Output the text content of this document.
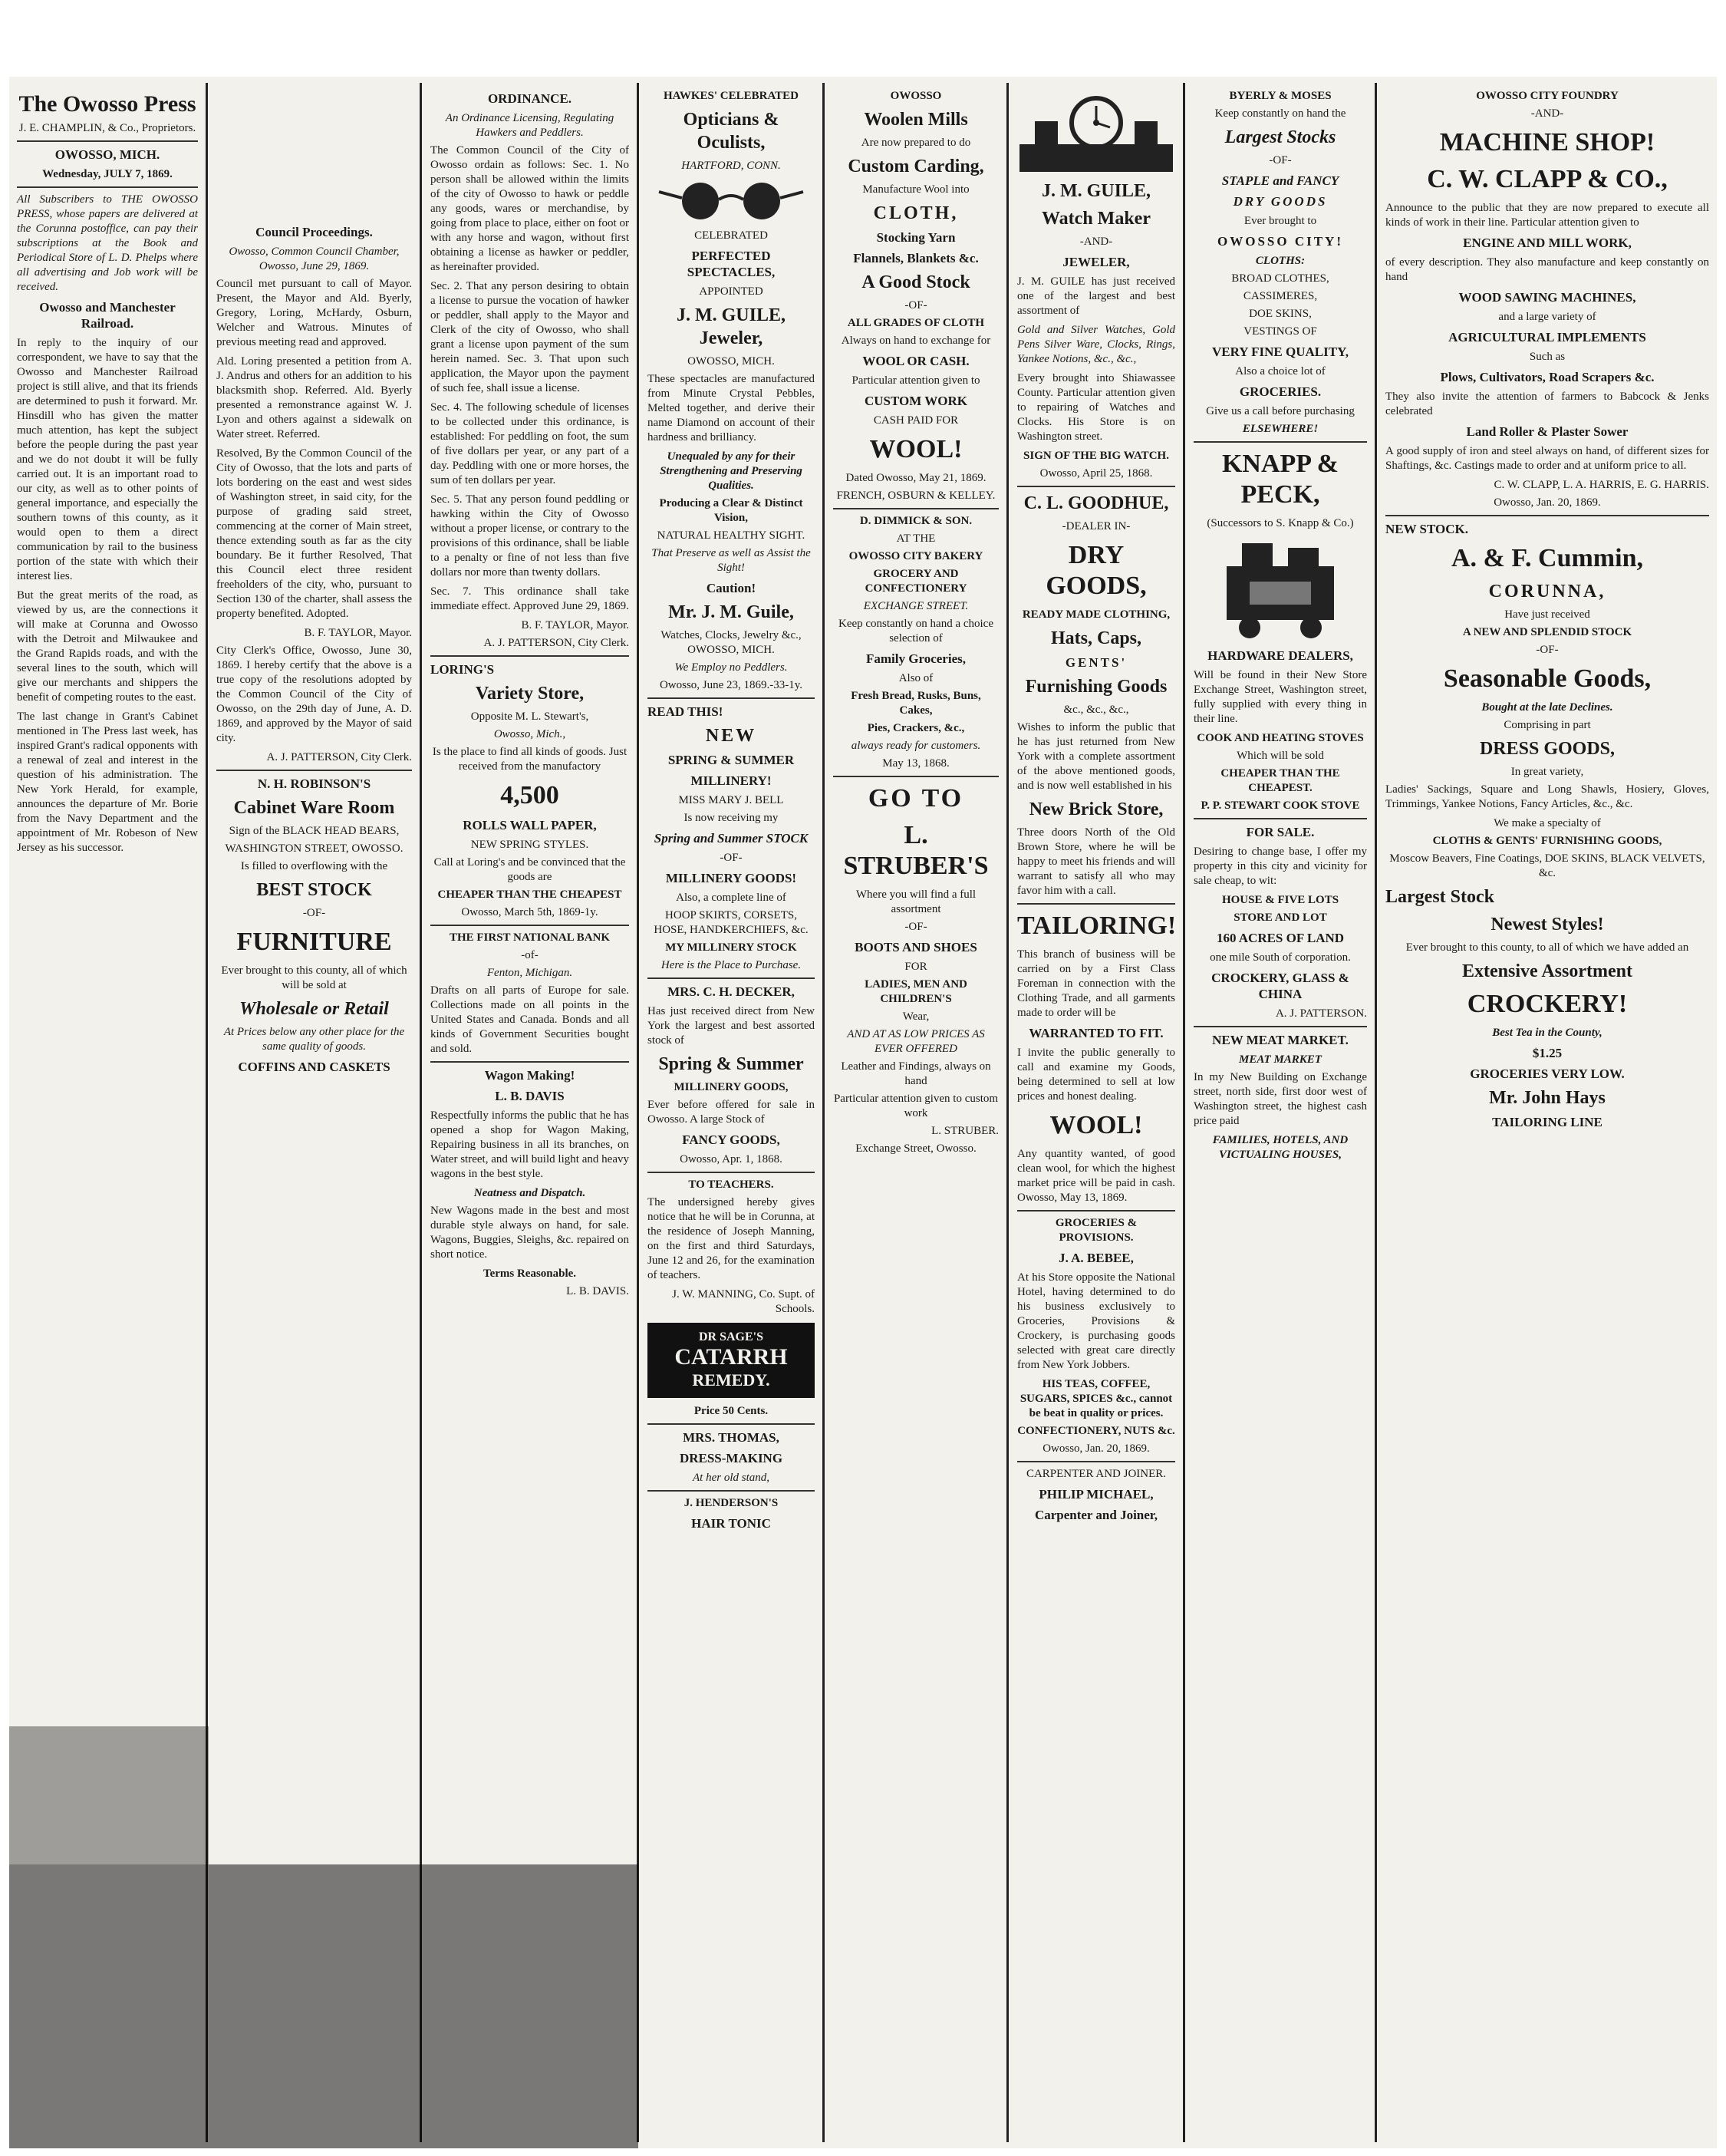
The Owosso Press
J. E. CHAMPLIN, & Co., Proprietors.
OWOSSO, MICH.
Wednesday, JULY 7, 1869.

All Subscribers to THE OWOSSO PRESS, whose papers are delivered at the Corunna postoffice, can pay their subscriptions at the Book and Periodical Store of L. D. Phelps where all advertising and Job work will be received.

Owosso and Manchester Railroad.

In reply to the inquiry of our correspondent, we have to say that the Owosso and Manchester Railroad project is still alive, and that its friends are determined to push it forward. Mr. Hinsdill who has given the matter much attention, has kept the subject before the people during the past year and we do not doubt it will be fully carried out. It is an important road to our city, as well as to other points of general importance, and especially the southern towns of this county, as it would open to them a direct communication by rail to the business portion of the state with which their interest lies.

But the great merits of the road, as viewed by us, are the connections it will make at Corunna and Owosso with the Detroit and Milwaukee and the Grand Rapids roads, and with the several lines to the south, which will give our merchants and shippers the benefit of competing routes to the east.

The last change in Grant's Cabinet mentioned in The Press last week, has inspired Grant's radical opponents with a renewal of zeal and interest in the question of his administration. The New York Herald, for example, announces the departure of Mr. Borie from the Navy Department and the appointment of Mr. Robeson of New Jersey as his successor.

Council Proceedings.
Owosso, Common Council Chamber, Owosso, June 29, 1869.

Council met pursuant to call of Mayor. Present, the Mayor and Ald. Byerly, Gregory, Loring, McHardy, Osburn, Welcher and Watrous. Minutes of previous meeting read and approved.

Ald. Loring presented a petition from A. J. Andrus and others for an addition to his blacksmith shop. Referred. Ald. Byerly presented a remonstrance against W. J. Lyon and others against a sidewalk on Water street. Referred.

Resolved, By the Common Council of the City of Owosso, that the lots and parts of lots bordering on the east and west sides of Washington street, in said city, for the purpose of grading said street, commencing at the corner of Main street, thence extending south as far as the city boundary. Be it further Resolved, That this Council elect three resident freeholders of the city, who, pursuant to Section 130 of the charter, shall assess the property benefited. Adopted.

B. F. TAYLOR, Mayor.

City Clerk's Office, Owosso, June 30, 1869. I hereby certify that the above is a true copy of the resolutions adopted by the Common Council of the City of Owosso, on the 29th day of June, A. D. 1869, and approved by the Mayor of said city.

A. J. PATTERSON, City Clerk.
N. H. ROBINSON'S
Cabinet Ware Room
Sign of the BLACK HEAD BEARS,
WASHINGTON STREET, OWOSSO.
Is filled to overflowing with the
BEST STOCK
-OF-
FURNITURE
Ever brought to this county, all of which will be sold at
Wholesale or Retail
At Prices below any other place for the same quality of goods.
COFFINS AND CASKETS
ORDINANCE.
An Ordinance Licensing, Regulating Hawkers and Peddlers.

The Common Council of the City of Owosso ordain as follows: Sec. 1. No person shall be allowed within the limits of the city of Owosso to hawk or peddle any goods, wares or merchandise, by going from place to place, either on foot or with any horse and wagon, without first obtaining a license as hawker or peddler, as hereinafter provided.

Sec. 2. That any person desiring to obtain a license to pursue the vocation of hawker or peddler, shall apply to the Mayor and Clerk of the city of Owosso, who shall grant a license upon payment of the sum herein named. Sec. 3. That upon such application, the Mayor upon the payment of such fee, shall issue a license.

Sec. 4. The following schedule of licenses to be collected under this ordinance, is established: For peddling on foot, the sum of five dollars per year, or any part of a day. Peddling with one or more horses, the sum of ten dollars per year.

Sec. 5. That any person found peddling or hawking within the City of Owosso without a proper license, or contrary to the provisions of this ordinance, shall be liable to a penalty or fine of not less than five dollars nor more than twenty dollars.

Sec. 7. This ordinance shall take immediate effect. Approved June 29, 1869.

B. F. TAYLOR, Mayor.
A. J. PATTERSON, City Clerk.
LORING'S
Variety Store,
Opposite M. L. Stewart's,
Owosso, Mich.,
Is the place to find all kinds of goods. Just received from the manufactory
4,500
ROLLS WALL PAPER,
NEW SPRING STYLES.
Call at Loring's and be convinced that the goods are
CHEAPER THAN THE CHEAPEST
Owosso, March 5th, 1869-1y.
THE FIRST NATIONAL BANK
-of-
Fenton, Michigan.

Drafts on all parts of Europe for sale. Collections made on all points in the United States and Canada. Bonds and all kinds of Government Securities bought and sold.

Wagon Making!
L. B. DAVIS

Respectfully informs the public that he has opened a shop for Wagon Making, Repairing business in all its branches, on Water street, and will build light and heavy wagons in the best style.

Neatness and Dispatch.

New Wagons made in the best and most durable style always on hand, for sale. Wagons, Buggies, Sleighs, &c. repaired on short notice.

Terms Reasonable.
L. B. DAVIS.
HAWKES' CELEBRATED
Opticians & Oculists,
HARTFORD, CONN.
CELEBRATED
PERFECTED SPECTACLES,
APPOINTED
J. M. GUILE, Jeweler,
OWOSSO, MICH.

These spectacles are manufactured from Minute Crystal Pebbles, Melted together, and derive their name Diamond on account of their hardness and brilliancy.

Unequaled by any for their Strengthening and Preserving Qualities.
Producing a Clear & Distinct Vision,
NATURAL HEALTHY SIGHT.
That Preserve as well as Assist the Sight!
Caution!
Mr. J. M. Guile,
Watches, Clocks, Jewelry &c., OWOSSO, MICH.
We Employ no Peddlers.
Owosso, June 23, 1869.-33-1y.
READ THIS!
NEW
SPRING & SUMMER
MILLINERY!
MISS MARY J. BELL
Is now receiving my
Spring and Summer STOCK
-OF-
MILLINERY GOODS!
Also, a complete line of
HOOP SKIRTS, CORSETS, HOSE, HANDKERCHIEFS, &c.
MY MILLINERY STOCK
Here is the Place to Purchase.
MRS. C. H. DECKER,

Has just received direct from New York the largest and best assorted stock of

Spring & Summer
MILLINERY GOODS,

Ever before offered for sale in Owosso. A large Stock of

FANCY GOODS,
Owosso, Apr. 1, 1868.
TO TEACHERS.

The undersigned hereby gives notice that he will be in Corunna, at the residence of Joseph Manning, on the first and third Saturdays, June 12 and 26, for the examination of teachers.

J. W. MANNING, Co. Supt. of Schools.
DR SAGE'S
CATARRH
REMEDY.
Price 50 Cents.
MRS. THOMAS,
DRESS-MAKING
At her old stand,
J. HENDERSON'S
HAIR TONIC
OWOSSO
Woolen Mills
Are now prepared to do
Custom Carding,
Manufacture Wool into
CLOTH,
Stocking Yarn
Flannels, Blankets &c.
A Good Stock
-OF-
ALL GRADES OF CLOTH
Always on hand to exchange for
WOOL OR CASH.
Particular attention given to
CUSTOM WORK
CASH PAID FOR
WOOL!
Dated Owosso, May 21, 1869.
FRENCH, OSBURN & KELLEY.
D. DIMMICK & SON.
AT THE
OWOSSO CITY BAKERY
GROCERY AND CONFECTIONERY
EXCHANGE STREET.
Keep constantly on hand a choice selection of
Family Groceries,
Also of
Fresh Bread, Rusks, Buns, Cakes,
Pies, Crackers, &c.,
always ready for customers.
May 13, 1868.
GO TO
L. STRUBER'S
Where you will find a full assortment
-OF-
BOOTS AND SHOES
FOR
LADIES, MEN AND CHILDREN'S
Wear,
AND AT AS LOW PRICES AS EVER OFFERED
Leather and Findings, always on hand
Particular attention given to custom work
L. STRUBER.
Exchange Street, Owosso.
J. M. GUILE,
Watch Maker
-AND-
JEWELER,

J. M. GUILE has just received one of the largest and best assortment of

Gold and Silver Watches, Gold Pens Silver Ware, Clocks, Rings, Yankee Notions, &c., &c.,

Every brought into Shiawassee County. Particular attention given to repairing of Watches and Clocks. His Store is on Washington street.

SIGN OF THE BIG WATCH.
Owosso, April 25, 1868.
C. L. GOODHUE,
-DEALER IN-
DRY GOODS,
READY MADE CLOTHING,
Hats, Caps,
GENTS'
Furnishing Goods
&c., &c., &c.,

Wishes to inform the public that he has just returned from New York with a complete assortment of the above mentioned goods, and is now well established in his

New Brick Store,

Three doors North of the Old Brown Store, where he will be happy to meet his friends and will warrant to satisfy all who may favor him with a call.

TAILORING!

This branch of business will be carried on by a First Class Foreman in connection with the Clothing Trade, and all garments made to order will be

WARRANTED TO FIT.

I invite the public generally to call and examine my Goods, being determined to sell at low prices and honest dealing.

WOOL!

Any quantity wanted, of good clean wool, for which the highest market price will be paid in cash. Owosso, May 13, 1869.

GROCERIES & PROVISIONS.
J. A. BEBEE,

At his Store opposite the National Hotel, having determined to do his business exclusively to Groceries, Provisions & Crockery, is purchasing goods selected with great care directly from New York Jobbers.

HIS TEAS, COFFEE, SUGARS, SPICES &c., cannot be beat in quality or prices.
CONFECTIONERY, NUTS &c.
Owosso, Jan. 20, 1869.
CARPENTER AND JOINER.
PHILIP MICHAEL,
Carpenter and Joiner,
BYERLY & MOSES
Keep constantly on hand the
Largest Stocks
-OF-
STAPLE and FANCY
DRY GOODS
Ever brought to
OWOSSO CITY!
CLOTHS:
BROAD CLOTHES,
CASSIMERES,
DOE SKINS,
VESTINGS OF
VERY FINE QUALITY,
Also a choice lot of
GROCERIES.
Give us a call before purchasing
ELSEWHERE!
KNAPP & PECK,
(Successors to S. Knapp & Co.)
HARDWARE DEALERS,

Will be found in their New Store Exchange Street, Washington street, fully supplied with every thing in their line.

COOK AND HEATING STOVES
Which will be sold
CHEAPER THAN THE CHEAPEST.
P. P. STEWART COOK STOVE
FOR SALE.

Desiring to change base, I offer my property in this city and vicinity for sale cheap, to wit:

HOUSE & FIVE LOTS
STORE AND LOT
160 ACRES OF LAND
one mile South of corporation.
CROCKERY, GLASS & CHINA
A. J. PATTERSON.
NEW MEAT MARKET.
MEAT MARKET

In my New Building on Exchange street, north side, first door west of Washington street, the highest cash price paid

FAMILIES, HOTELS, AND VICTUALING HOUSES,
OWOSSO CITY FOUNDRY
-AND-
MACHINE SHOP!
C. W. CLAPP & CO.,

Announce to the public that they are now prepared to execute all kinds of work in their line. Particular attention given to

ENGINE AND MILL WORK,

of every description. They also manufacture and keep constantly on hand

WOOD SAWING MACHINES,
and a large variety of
AGRICULTURAL IMPLEMENTS
Such as
Plows, Cultivators, Road Scrapers &c.

They also invite the attention of farmers to Babcock & Jenks celebrated

Land Roller & Plaster Sower

A good supply of iron and steel always on hand, of different sizes for Shaftings, &c. Castings made to order and at uniform price to all.

C. W. CLAPP, L. A. HARRIS, E. G. HARRIS.
Owosso, Jan. 20, 1869.
NEW STOCK.
A. & F. Cummin,
CORUNNA,
Have just received
A NEW AND SPLENDID STOCK
-OF-
Seasonable Goods,
Bought at the late Declines.
Comprising in part
DRESS GOODS,
In great variety,

Ladies' Sackings, Square and Long Shawls, Hosiery, Gloves, Trimmings, Yankee Notions, Fancy Articles, &c., &c.

We make a specialty of
CLOTHS & GENTS' FURNISHING GOODS,
Moscow Beavers, Fine Coatings, DOE SKINS, BLACK VELVETS, &c.
Largest Stock
Newest Styles!
Ever brought to this county, to all of which we have added an
Extensive Assortment
CROCKERY!
Best Tea in the County,
$1.25
GROCERIES VERY LOW.
Mr. John Hays
TAILORING LINE
